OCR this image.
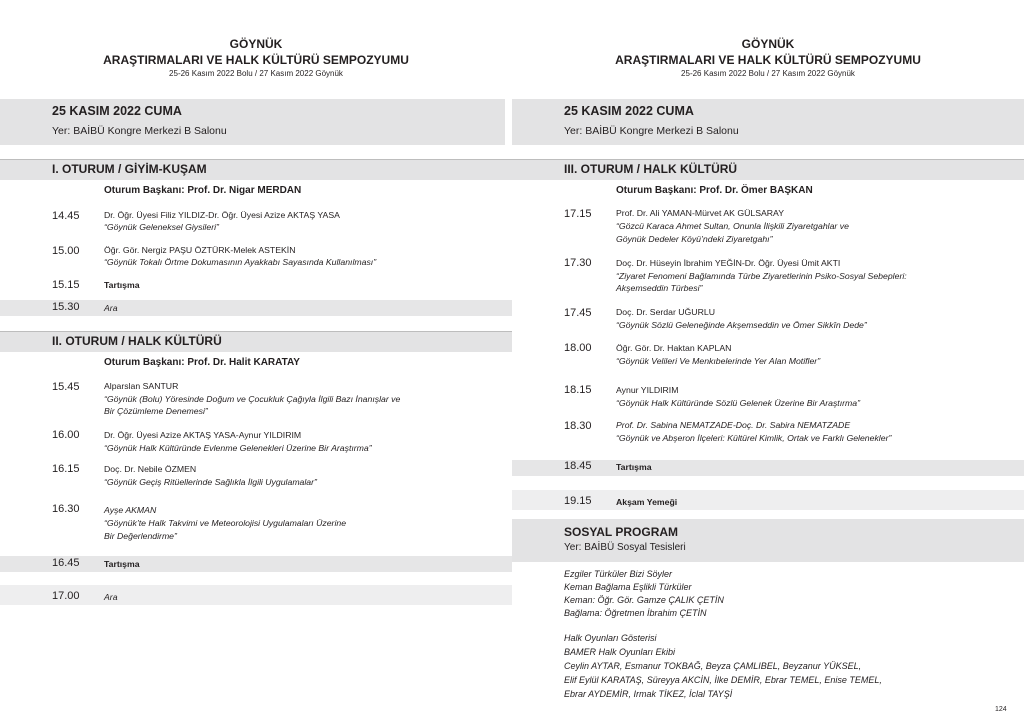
GÖYNÜK
ARAŞTIRMALARI VE HALK KÜLTÜRÜ SEMPOZYUMU
25-26 Kasım 2022 Bolu / 27 Kasım 2022 Göynük
25 KASIM 2022 CUMA
Yer: BAİBÜ Kongre Merkezi B Salonu
I. OTURUM / GİYİM-KUŞAM
Oturum Başkanı: Prof. Dr. Nigar MERDAN
14.45	Dr. Öğr. Üyesi Filiz YILDIZ-Dr. Öğr. Üyesi Azize AKTAŞ YASA
“Göynük Geleneksel Giysileri”
15.00	Öğr. Gör. Nergiz PAŞU ÖZTÜRK-Melek ASTEKİN
“Göynük Tokalı Örtme Dokumasının Ayakkabı Sayasında Kullanılması”
15.15	Tartışma
15.30	Ara
II. OTURUM / HALK KÜLTÜRÜ
Oturum Başkanı: Prof. Dr. Halit KARATAY
15.45	Alparslan SANTUR
“Göynük (Bolu) Yöresinde Doğum ve Çocukluk Çağıyla İlgili Bazı İnanışlar ve
Bir Çözümleme Denemesi”
16.00	Dr. Öğr. Üyesi Azize AKTAŞ YASA-Aynur YILDIRIM
“Göynük Halk Kültüründe Evlenme Gelenekleri Üzerine Bir Araştırma”
16.15	Doç. Dr. Nebile ÖZMEN
“Göynük Geçiş Ritüellerinde Sağlıkla İlgili Uygulamalar”
16.30	Ayşe AKMAN
“Göynük’te Halk Takvimi ve Meteorolojisi Uygulamaları Üzerine
Bir Değerlendirme”
16.45	Tartışma
17.00	Ara
GÖYNÜK
ARAŞTIRMALARI VE HALK KÜLTÜRÜ SEMPOZYUMU
25-26 Kasım 2022 Bolu / 27 Kasım 2022 Göynük
25 KASIM 2022 CUMA
Yer: BAİBÜ Kongre Merkezi B Salonu
III. OTURUM / HALK KÜLTÜRÜ
Oturum Başkanı: Prof. Dr. Ömer BAŞKAN
17.15	Prof. Dr. Ali YAMAN-Mürvet AK GÜLSARAY
“Gözcü Karaca Ahmet Sultan, Onunla İlişkili Ziyaretgahlar ve
Göynük Dedeler Köyü’ndeki Ziyaretgahı”
17.30	Doç. Dr. Hüseyin İbrahim YEĞİN-Dr. Öğr. Üyesi Ümit AKTI
“Ziyaret Fenomeni Bağlamında Türbe Ziyaretlerinin Psiko-Sosyal Sebepleri:
Akşemseddin Türbesi”
17.45	Doç. Dr. Serdar UĞURLU
“Göynük Sözlü Geleneğinde Akşemseddin ve Ömer Sikkîn Dede”
18.00	Öğr. Gör. Dr. Haktan KAPLAN
“Göynük Velileri Ve Menkıbelerinde Yer Alan Motifler”
18.15	Aynur YILDIRIM
“Göynük Halk Kültüründe Sözlü Gelenek Üzerine Bir Araştırma”
18.30	Prof. Dr. Sabina NEMATZADE-Doç. Dr. Sabira NEMATZADE
“Göynük ve Abşeron İlçeleri: Kültürel Kimlik, Ortak ve Farklı Gelenekler”
18.45	Tartışma
19.15	Akşam Yemeği
SOSYAL PROGRAM
Yer: BAİBÜ Sosyal Tesisleri
Ezgiler Türküler Bizi Söyler
Keman Bağlama Eşlikli Türküler
Keman: Öğr. Gör. Gamze ÇALIK ÇETİN
Bağlama: Öğretmen İbrahim ÇETİN
Halk Oyunları Gösterisi
BAMER Halk Oyunları Ekibi
Ceylin AYTAR, Esmanur TOKBAĞ, Beyza ÇAMLIBEL, Beyzanur YÜKSEL,
Elif Eylül KARATAŞ, Süreyya AKCİN, İlke DEMİR, Ebrar TEMEL, Enise TEMEL,
Ebrar AYDEMİR, Irmak TİKEZ, İclal TAYŞİ
124
